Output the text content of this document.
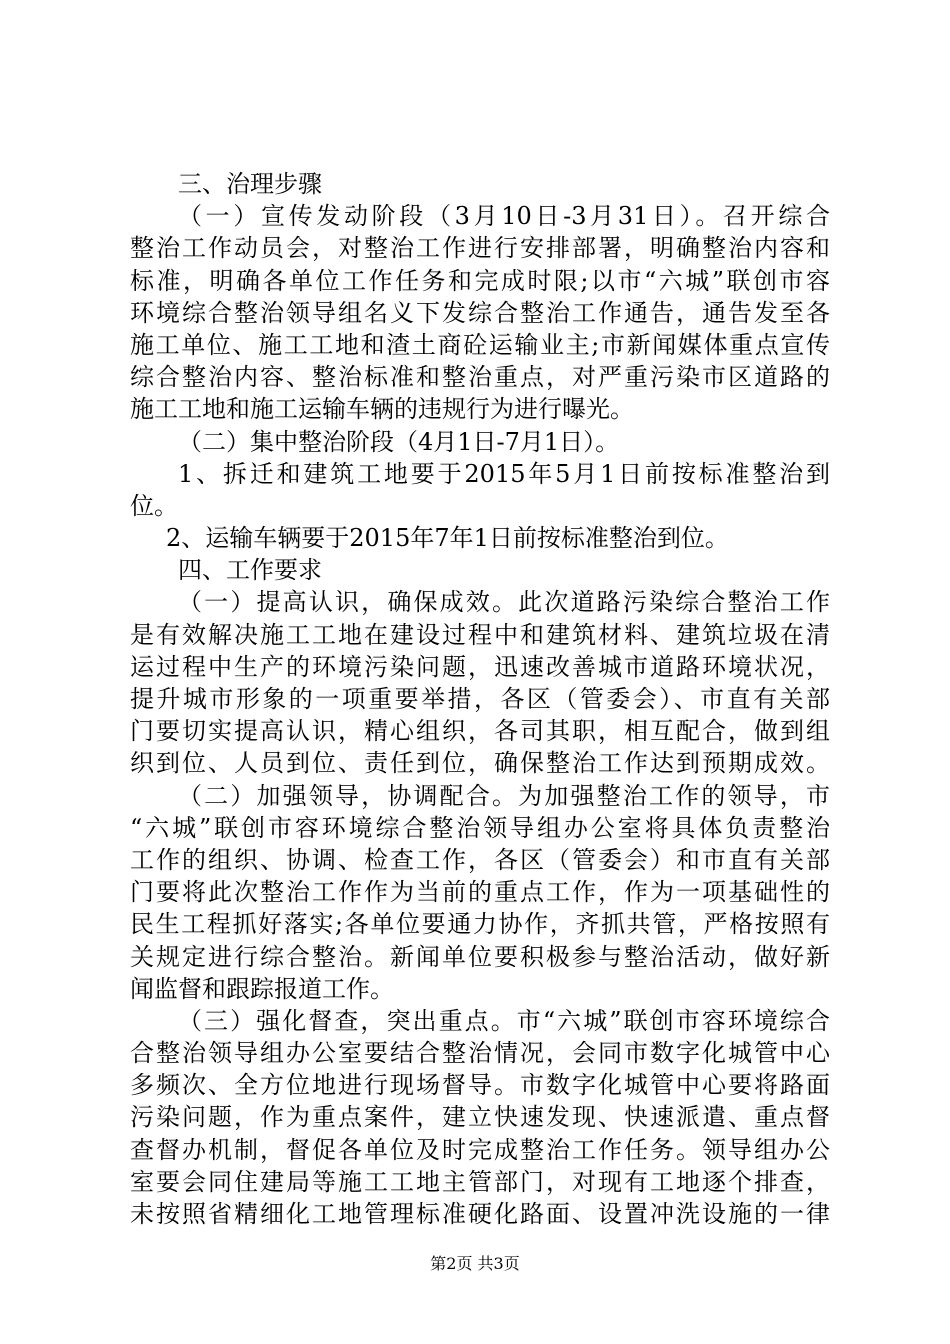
三、治理步骤
（一）宣传发动阶段（3月10日-3月31日）。召开综合
整治工作动员会，对整治工作进行安排部署，明确整治内容和
标准，明确各单位工作任务和完成时限;以市“六城”联创市容
环境综合整治领导组名义下发综合整治工作通告，通告发至各
施工单位、施工工地和渣土商砼运输业主;市新闻媒体重点宣传
综合整治内容、整治标准和整治重点，对严重污染市区道路的
施工工地和施工运输车辆的违规行为进行曝光。
（二）集中整治阶段（4月1日-7月1日）。
1、拆迁和建筑工地要于2015年5月1日前按标准整治到
位。
2、运输车辆要于2015年7年1日前按标准整治到位。
四、工作要求
（一）提高认识，确保成效。此次道路污染综合整治工作
是有效解决施工工地在建设过程中和建筑材料、建筑垃圾在清
运过程中生产的环境污染问题，迅速改善城市道路环境状况，
提升城市形象的一项重要举措，各区（管委会）、市直有关部
门要切实提高认识，精心组织，各司其职，相互配合，做到组
织到位、人员到位、责任到位，确保整治工作达到预期成效。
（二）加强领导，协调配合。为加强整治工作的领导，市
“六城”联创市容环境综合整治领导组办公室将具体负责整治
工作的组织、协调、检查工作，各区（管委会）和市直有关部
门要将此次整治工作作为当前的重点工作，作为一项基础性的
民生工程抓好落实;各单位要通力协作，齐抓共管，严格按照有
关规定进行综合整治。新闻单位要积极参与整治活动，做好新
闻监督和跟踪报道工作。
（三）强化督查，突出重点。市“六城”联创市容环境综合
合整治领导组办公室要结合整治情况，会同市数字化城管中心
多频次、全方位地进行现场督导。市数字化城管中心要将路面
污染问题，作为重点案件，建立快速发现、快速派遣、重点督
查督办机制，督促各单位及时完成整治工作任务。领导组办公
室要会同住建局等施工工地主管部门，对现有工地逐个排查，
未按照省精细化工地管理标准硬化路面、设置冲洗设施的一律
第2页 共3页
